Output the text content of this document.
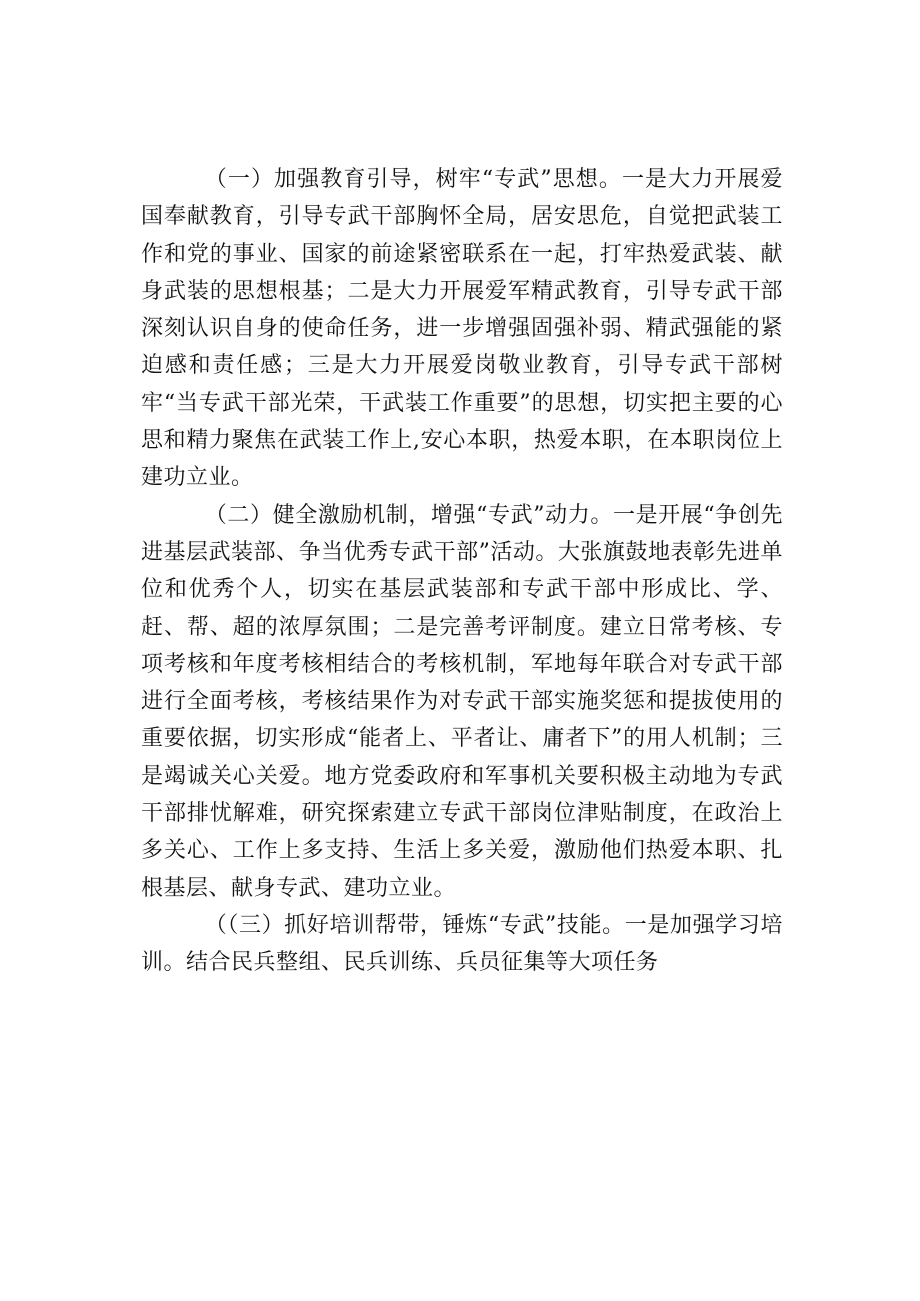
（一）加强教育引导，树牢“专武”思想。一是大力开展爱国奉献教育，引导专武干部胸怀全局，居安思危，自觉把武装工作和党的事业、国家的前途紧密联系在一起，打牢热爱武装、献身武装的思想根基；二是大力开展爱军精武教育，引导专武干部深刻认识自身的使命任务，进一步增强固强补弱、精武强能的紧迫感和责任感；三是大力开展爱岗敬业教育，引导专武干部树牢“当专武干部光荣，干武装工作重要”的思想，切实把主要的心思和精力聚焦在武装工作上,安心本职，热爱本职，在本职岗位上建功立业。

（二）健全激励机制，增强“专武”动力。一是开展“争创先进基层武装部、争当优秀专武干部”活动。大张旗鼓地表彰先进单位和优秀个人，切实在基层武装部和专武干部中形成比、学、赶、帮、超的浓厚氛围；二是完善考评制度。建立日常考核、专项考核和年度考核相结合的考核机制，军地每年联合对专武干部进行全面考核，考核结果作为对专武干部实施奖惩和提拔使用的重要依据，切实形成“能者上、平者让、庸者下”的用人机制；三是竭诚关心关爱。地方党委政府和军事机关要积极主动地为专武干部排忧解难，研究探索建立专武干部岗位津贴制度，在政治上多关心、工作上多支持、生活上多关爱，激励他们热爱本职、扎根基层、献身专武、建功立业。

（（三）抓好培训帮带，锤炼“专武”技能。一是加强学习培训。结合民兵整组、民兵训练、兵员征集等大项任务
